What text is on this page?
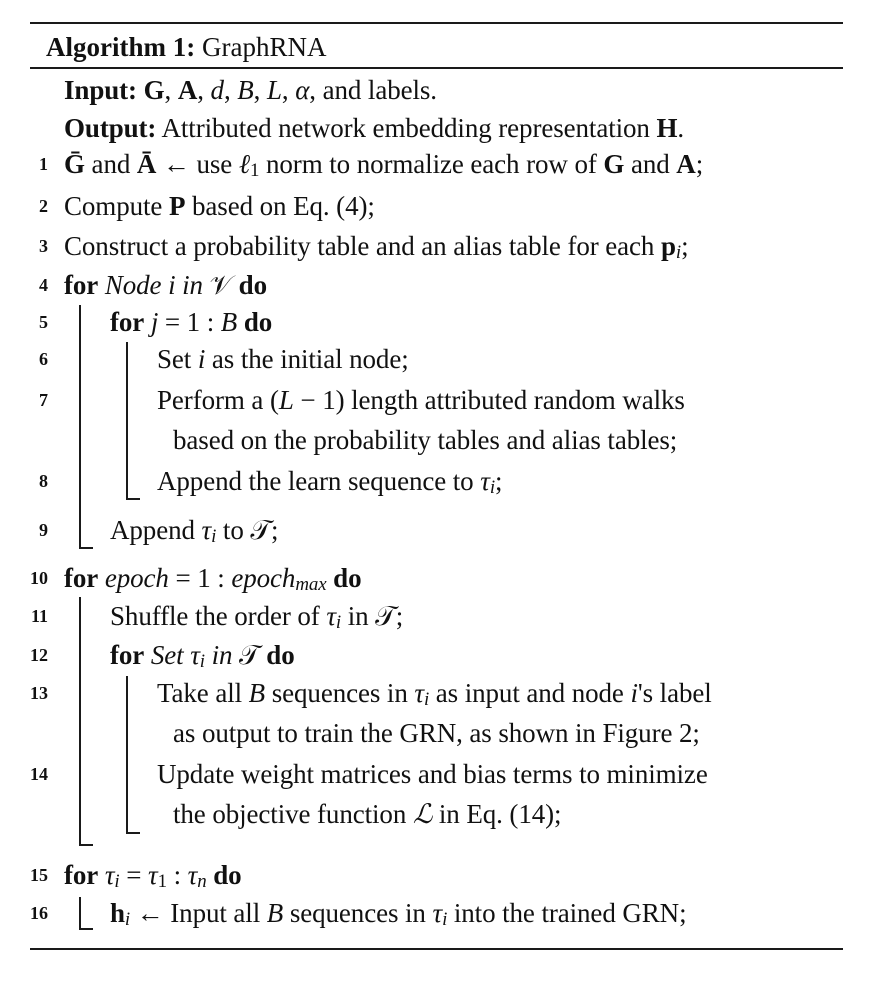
Algorithm 1: GraphRNA
Input: G, A, d, B, L, α, and labels.
Output: Attributed network embedding representation H.
1 Ḡ and Ā ← use ℓ$_1$ norm to normalize each row of G and A;
2 Compute P based on Eq. (4);
3 Construct a probability table and an alias table for each $p_i$;
4 for Node i in 𝒱 do
5 for j = 1 : B do
6	Set i as the initial node;
7	Perform a (L − 1) length attributed random walks
based on the probability tables and alias tables;
8	Append the learn sequence to $\tau_i$;
9 Append $\tau_i$ to 𝒯;
10 for epoch = 1 : epoch$_{max}$ do
11 Shuffle the order of $\tau_i$ in 𝒯;
12 for Set $\tau_i$ in 𝒯 do
13	Take all B sequences in $\tau_i$ as input and node i's label
as output to train the GRN, as shown in Figure 2;
14	Update weight matrices and bias terms to minimize
the objective function ℒ in Eq. (14);
15 for $\tau_i = \tau_1$ : $\tau_n$ do
16 $h_i$ ← Input all B sequences in $\tau_i$ into the trained GRN;
